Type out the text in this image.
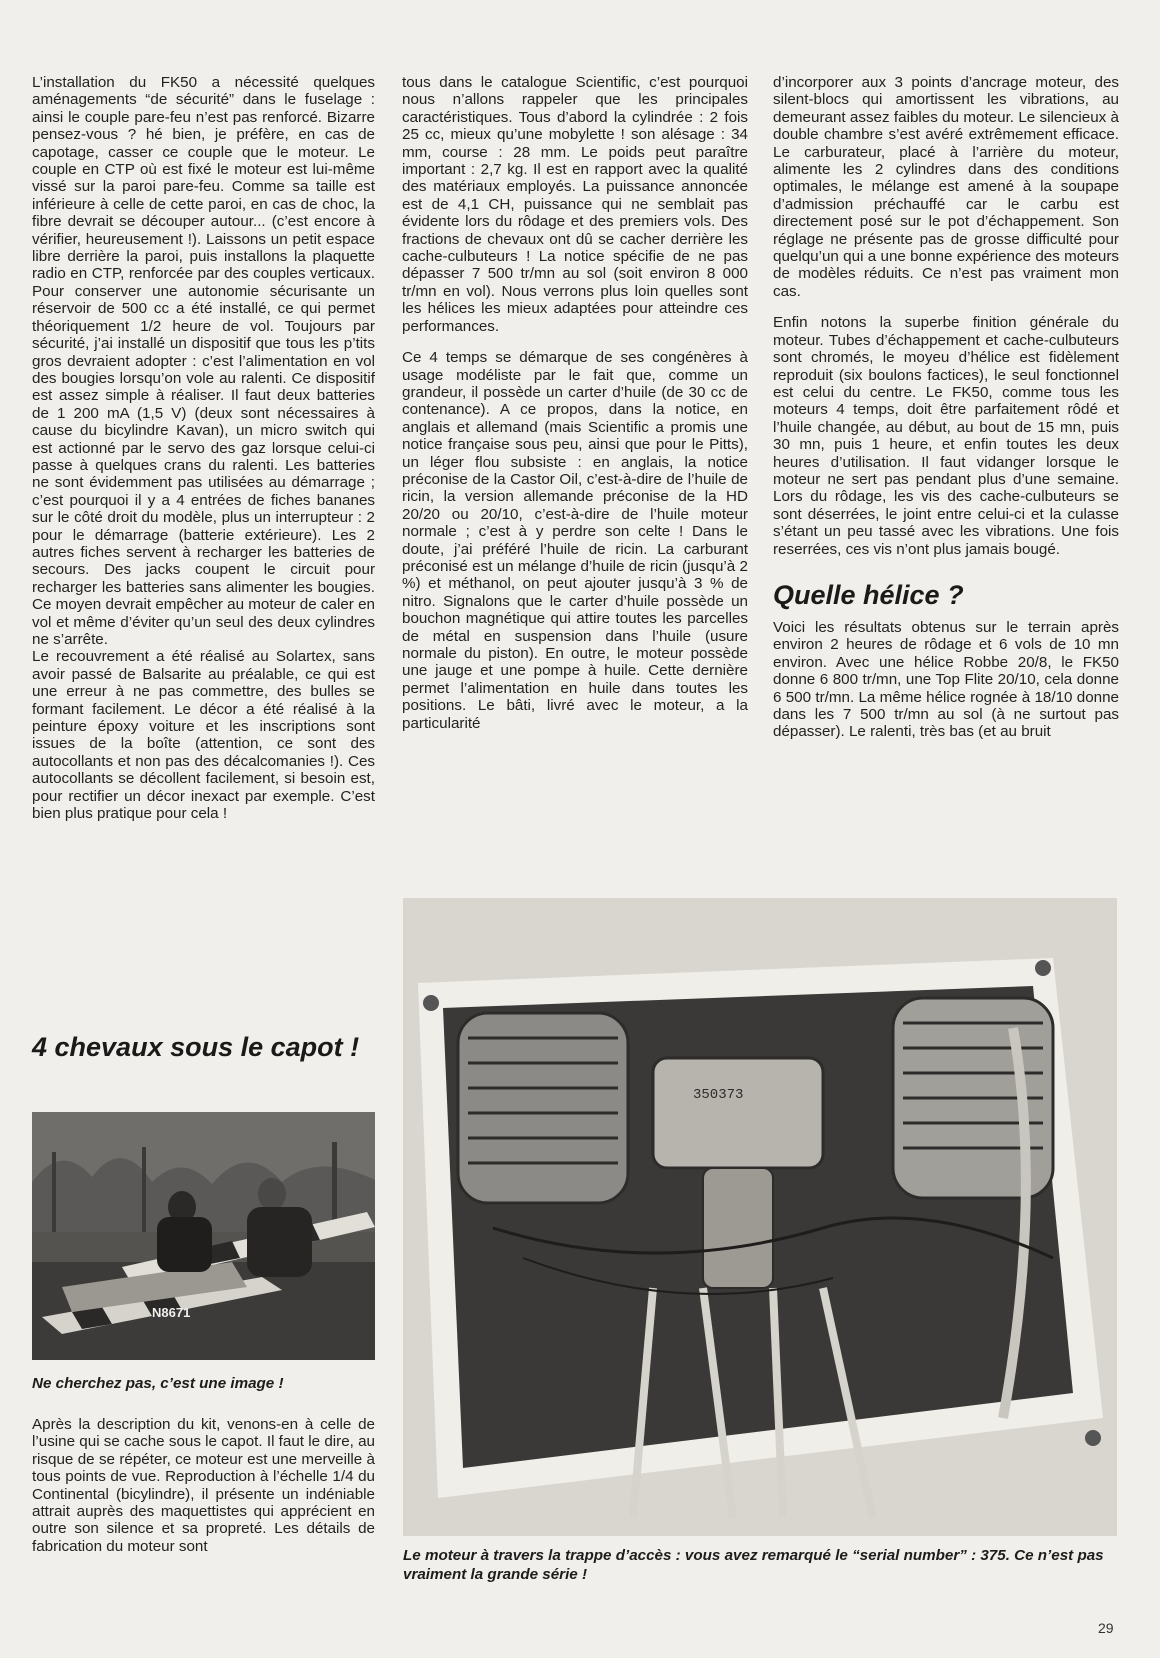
L’installation du FK50 a nécessité quelques aménagements “de sécurité” dans le fuselage : ainsi le couple pare-feu n’est pas renforcé. Bizarre pensez-vous ? hé bien, je préfère, en cas de capotage, casser ce couple que le moteur. Le couple en CTP où est fixé le moteur est lui-même vissé sur la paroi pare-feu. Comme sa taille est inférieure à celle de cette paroi, en cas de choc, la fibre devrait se découper autour... (c’est encore à vérifier, heureusement !). Laissons un petit espace libre derrière la paroi, puis installons la plaquette radio en CTP, renforcée par des couples verticaux. Pour conserver une autonomie sécurisante un réservoir de 500 cc a été installé, ce qui permet théoriquement 1/2 heure de vol. Toujours par sécurité, j’ai installé un dispositif que tous les p’tits gros devraient adopter : c’est l’alimentation en vol des bougies lorsqu’on vole au ralenti. Ce dispositif est assez simple à réaliser. Il faut deux batteries de 1 200 mA (1,5 V) (deux sont nécessaires à cause du bicylindre Kavan), un micro switch qui est actionné par le servo des gaz lorsque celui-ci passe à quelques crans du ralenti. Les batteries ne sont évidemment pas utilisées au démarrage ; c’est pourquoi il y a 4 entrées de fiches bananes sur le côté droit du modèle, plus un interrupteur : 2 pour le démarrage (batterie extérieure). Les 2 autres fiches servent à recharger les batteries de secours. Des jacks coupent le circuit pour recharger les batteries sans alimenter les bougies. Ce moyen devrait empêcher au moteur de caler en vol et même d’éviter qu’un seul des deux cylindres ne s’arrête.

Le recouvrement a été réalisé au Solartex, sans avoir passé de Balsarite au préalable, ce qui est une erreur à ne pas commettre, des bulles se formant facilement. Le décor a été réalisé à la peinture époxy voiture et les inscriptions sont issues de la boîte (attention, ce sont des autocollants et non pas des décalcomanies !). Ces autocollants se décollent facilement, si besoin est, pour rectifier un décor inexact par exemple. C’est bien plus pratique pour cela !

4 chevaux sous le capot !
N8671
Ne cherchez pas, c’est une image !
Après la description du kit, venons-en à celle de l’usine qui se cache sous le capot. Il faut le dire, au risque de se répéter, ce moteur est une merveille à tous points de vue. Reproduction à l’échelle 1/4 du Continental (bicylindre), il présente un indéniable attrait auprès des maquettistes qui apprécient en outre son silence et sa propreté. Les détails de fabrication du moteur sont

tous dans le catalogue Scientific, c’est pourquoi nous n’allons rappeler que les principales caractéristiques. Tous d’abord la cylindrée : 2 fois 25 cc, mieux qu’une mobylette ! son alésage : 34 mm, course : 28 mm. Le poids peut paraître important : 2,7 kg. Il est en rapport avec la qualité des matériaux employés. La puissance annoncée est de 4,1 CH, puissance qui ne semblait pas évidente lors du rôdage et des premiers vols. Des fractions de chevaux ont dû se cacher derrière les cache-culbuteurs ! La notice spécifie de ne pas dépasser 7 500 tr/mn au sol (soit environ 8 000 tr/mn en vol). Nous verrons plus loin quelles sont les hélices les mieux adaptées pour atteindre ces performances.

Ce 4 temps se démarque de ses congénères à usage modéliste par le fait que, comme un grandeur, il possède un carter d’huile (de 30 cc de contenance). A ce propos, dans la notice, en anglais et allemand (mais Scientific a promis une notice française sous peu, ainsi que pour le Pitts), un léger flou subsiste : en anglais, la notice préconise de la Castor Oil, c’est-à-dire de l’huile de ricin, la version allemande préconise de la HD 20/20 ou 20/10, c’est-à-dire de l’huile moteur normale ; c’est à y perdre son celte ! Dans le doute, j’ai préféré l’huile de ricin. La carburant préconisé est un mélange d’huile de ricin (jusqu’à 2 %) et méthanol, on peut ajouter jusqu’à 3 % de nitro. Signalons que le carter d’huile possède un bouchon magnétique qui attire toutes les parcelles de métal en suspension dans l’huile (usure normale du piston). En outre, le moteur possède une jauge et une pompe à huile. Cette dernière permet l’alimentation en huile dans toutes les positions. Le bâti, livré avec le moteur, a la particularité

d’incorporer aux 3 points d’ancrage moteur, des silent-blocs qui amortissent les vibrations, au demeurant assez faibles du moteur. Le silencieux à double chambre s’est avéré extrêmement efficace. Le carburateur, placé à l’arrière du moteur, alimente les 2 cylindres dans des conditions optimales, le mélange est amené à la soupape d’admission préchauffé car le carbu est directement posé sur le pot d’échappement. Son réglage ne présente pas de grosse difficulté pour quelqu’un qui a une bonne expérience des moteurs de modèles réduits. Ce n’est pas vraiment mon cas.

Enfin notons la superbe finition générale du moteur. Tubes d’échappement et cache-culbuteurs sont chromés, le moyeu d’hélice est fidèlement reproduit (six boulons factices), le seul fonctionnel est celui du centre. Le FK50, comme tous les moteurs 4 temps, doit être parfaitement rôdé et l’huile changée, au début, au bout de 15 mn, puis 30 mn, puis 1 heure, et enfin toutes les deux heures d’utilisation. Il faut vidanger lorsque le moteur ne sert pas pendant plus d’une semaine. Lors du rôdage, les vis des cache-culbuteurs se sont déserrées, le joint entre celui-ci et la culasse s’étant un peu tassé avec les vibrations. Une fois reserrées, ces vis n’ont plus jamais bougé.

Quelle hélice ?

Voici les résultats obtenus sur le terrain après environ 2 heures de rôdage et 6 vols de 10 mn environ. Avec une hélice Robbe 20/8, le FK50 donne 6 800 tr/mn, une Top Flite 20/10, cela donne 6 500 tr/mn. La même hélice rognée à 18/10 donne dans les 7 500 tr/mn au sol (à ne surtout pas dépasser). Le ralenti, très bas (et au bruit

350373
Le moteur à travers la trappe d’accès : vous avez remarqué le “serial number” : 375. Ce n’est pas vraiment la grande série !
29
